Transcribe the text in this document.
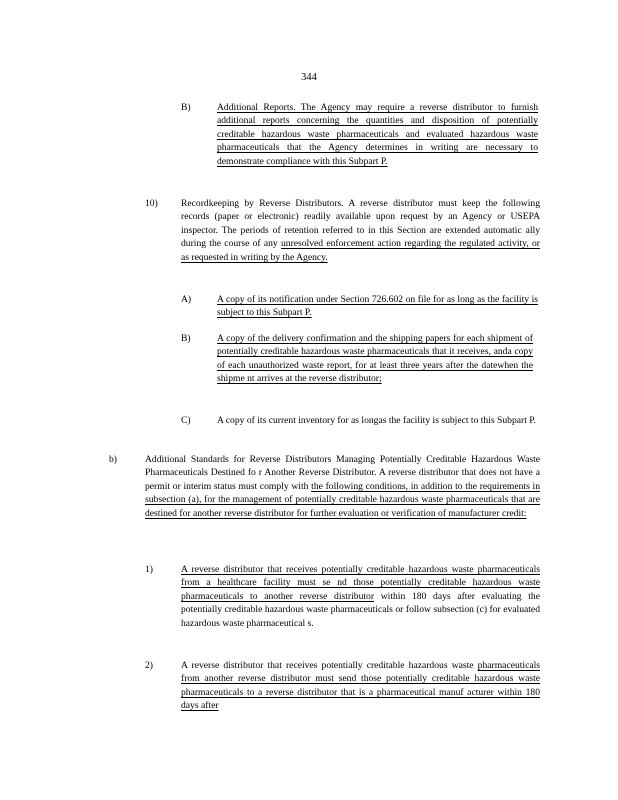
344
B)	Additional Reports. The Agency may require a reverse distributor to furnish additional reports concerning the quantities and disposition of potentially creditable hazardous waste pharmaceuticals and evaluated hazardous waste pharmaceuticals that the Agency determines in writing are necessary to demonstrate compliance with this Subpart P.
10) Recordkeeping by Reverse Distributors. A reverse distributor must keep the following records (paper or electronic) readily available upon request by an Agency or USEPA inspector. The periods of retention referred to in this Section are extended automatic ally during the course of any unresolved enforcement action regarding the regulated activity, or as requested in writing by the Agency.
A)	A copy of its notification under Section 726.602 on file for as long as the facility is subject to this Subpart P.
B)	A copy of the delivery confirmation and the shipping papers for each shipment of potentially creditable hazardous waste pharmaceuticals that it receives, anda copy of each unauthorized waste report, for at least three years after the datewhen the shipme nt arrives at the reverse distributor;
C)	A copy of its current inventory for as longas the facility is subject to this Subpart P.
b)	Additional Standards for Reverse Distributors Managing Potentially Creditable Hazardous Waste Pharmaceuticals Destined fo r Another Reverse Distributor. A reverse distributor that does not have a permit or interim status must comply with the following conditions, in addition to the requirements in subsection (a), for the management of potentially creditable hazardous waste pharmaceuticals that are destined for another reverse distributor for further evaluation or verification of manufacturer credit:
1)	A reverse distributor that receives potentially creditable hazardous waste pharmaceuticals from a healthcare facility must se nd those potentially creditable hazardous waste pharmaceuticals to another reverse distributor within 180 days after evaluating the potentially creditable hazardous waste pharmaceuticals or follow subsection (c) for evaluated hazardous waste pharmaceutical s.
2)	A reverse distributor that receives potentially creditable hazardous waste pharmaceuticals from another reverse distributor must send those potentially creditable hazardous waste pharmaceuticals to a reverse distributor that is a pharmaceutical manuf acturer within 180 days after
